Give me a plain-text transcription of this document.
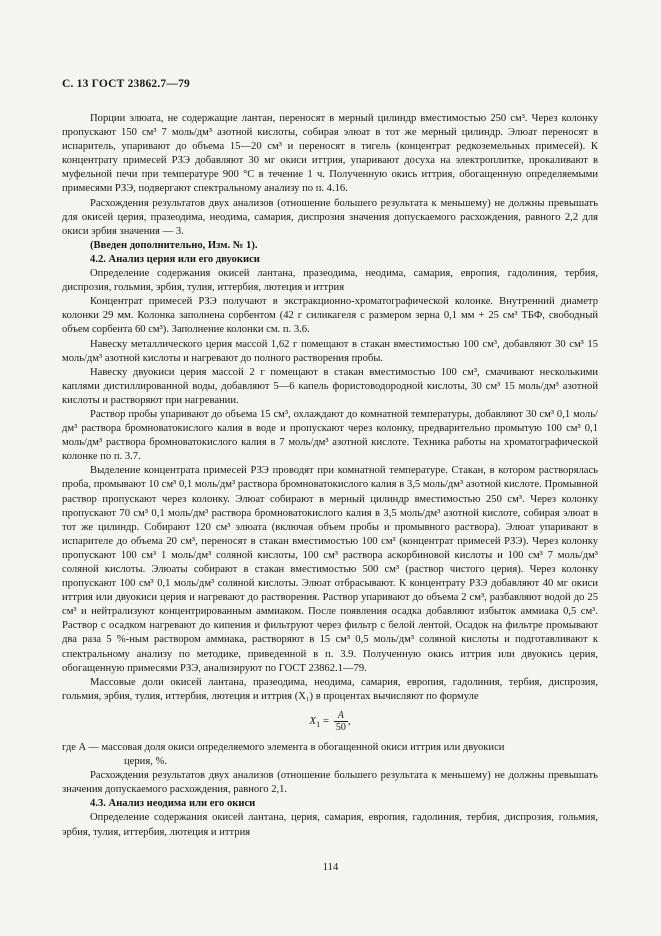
С. 13 ГОСТ 23862.7—79

Порции элюата, не содержащие лантан, переносят в мерный цилиндр вместимостью 250 см³. Через колонку пропускают 150 см³ 7 моль/дм³ азотной кислоты, собирая элюат в тот же мерный цилиндр. Элюат переносят в испаритель, упаривают до объема 15—20 см³ и переносят в тигель (концентрат редкоземельных примесей). К концентрату примесей РЗЭ добавляют 30 мг окиси иттрия, упаривают досуха на электроплитке, прокаливают в муфельной печи при температуре 900 °С в течение 1 ч. Полученную окись иттрия, обогащенную определяемыми примесями РЗЭ, подвергают спектральному анализу по п. 4.16.

Расхождения результатов двух анализов (отношение большего результата к меньшему) не должны превышать для окисей церия, празеодима, неодима, самария, диспрозия значения допускаемого расхождения, равного 2,2 для окиси эрбия значения — 3.

(Введен дополнительно, Изм. № 1).

4.2. Анализ церия или его двуокиси

Определение содержания окисей лантана, празеодима, неодима, самария, европия, гадолиния, тербия, диспрозия, гольмия, эрбия, тулия, иттербия, лютеция и иттрия

Концентрат примесей РЗЭ получают в экстракционно-хроматографической колонке. Внутренний диаметр колонки 29 мм. Колонка заполнена сорбентом (42 г силикагеля с размером зерна 0,1 мм + 25 см³ ТБФ, свободный объем сорбента 60 см³). Заполнение колонки см. п. 3.6.

Навеску металлического церия массой 1,62 г помещают в стакан вместимостью 100 см³, добавляют 30 см³ 15 моль/дм³ азотной кислоты и нагревают до полного растворения пробы.

Навеску двуокиси церия массой 2 г помещают в стакан вместимостью 100 см³, смачивают несколькими каплями дистиллированной воды, добавляют 5—6 капель фористоводородной кислоты, 30 см³ 15 моль/дм³ азотной кислоты и растворяют при нагревании.

Раствор пробы упаривают до объема 15 см³, охлаждают до комнатной температуры, добавляют 30 см³ 0,1 моль/дм³ раствора бромноватокислого калия в воде и пропускают через колонку, предварительно промытую 100 см³ 0,1 моль/дм³ раствора бромноватокислого калия в 7 моль/дм³ азотной кислоте. Техника работы на хроматографической колонке по п. 3.7.

Выделение концентрата примесей РЗЭ проводят при комнатной температуре. Стакан, в котором растворялась проба, промывают 10 см³ 0,1 моль/дм³ раствора бромноватокислого калия в 3,5 моль/дм³ азотной кислоте. Промывной раствор пропускают через колонку. Элюат собирают в мерный цилиндр вместимостью 250 см³. Через колонку пропускают 70 см³ 0,1 моль/дм³ раствора бромноватокислого калия в 3,5 моль/дм³ азотной кислоте, собирая элюат в тот же цилиндр. Собирают 120 см³ элюата (включая объем пробы и промывного раствора). Элюат упаривают в испарителе до объема 20 см³, переносят в стакан вместимостью 100 см³ (концентрат примесей РЗЭ). Через колонку пропускают 100 см³ 1 моль/дм³ соляной кислоты, 100 см³ раствора аскорбиновой кислоты и 100 см³ 7 моль/дм³ соляной кислоты. Элюаты собирают в стакан вместимостью 500 см³ (раствор чистого церия). Через колонку пропускают 100 см³ 0,1 моль/дм³ соляной кислоты. Элюат отбрасывают. К концентрату РЗЭ добавляют 40 мг окиси иттрия или двуокиси церия и нагревают до растворения. Раствор упаривают до объема 2 см³, разбавляют водой до 25 см³ и нейтрализуют концентрированным аммиаком. После появления осадка добавляют избыток аммиака 0,5 см³. Раствор с осадком нагревают до кипения и фильтруют через фильтр с белой лентой. Осадок на фильтре промывают два раза 5 %-ным раствором аммиака, растворяют в 15 см³ 0,5 моль/дм³ соляной кислоты и подготавливают к спектральному анализу по методике, приведенной в п. 3.9. Полученную окись иттрия или двуокись церия, обогащенную примесями РЗЭ, анализируют по ГОСТ 23862.1—79.

Массовые доли окисей лантана, празеодима, неодима, самария, европия, гадолиния, тербия, диспрозия, гольмия, эрбия, тулия, иттербия, лютеция и иттрия (X₁) в процентах вычисляют по формуле

$X_1 = \frac{A}{50}$ ,

где A — массовая доля окиси определяемого элемента в обогащенной окиси иттрия или двуокиси

церия, %.

Расхождения результатов двух анализов (отношение большего результата к меньшему) не должны превышать значения допускаемого расхождения, равного 2,1.

4.3. Анализ неодима или его окиси

Определение содержания окисей лантана, церия, самария, европия, гадолиния, тербия, диспрозия, гольмия, эрбия, тулия, иттербия, лютеция и иттрия

114
